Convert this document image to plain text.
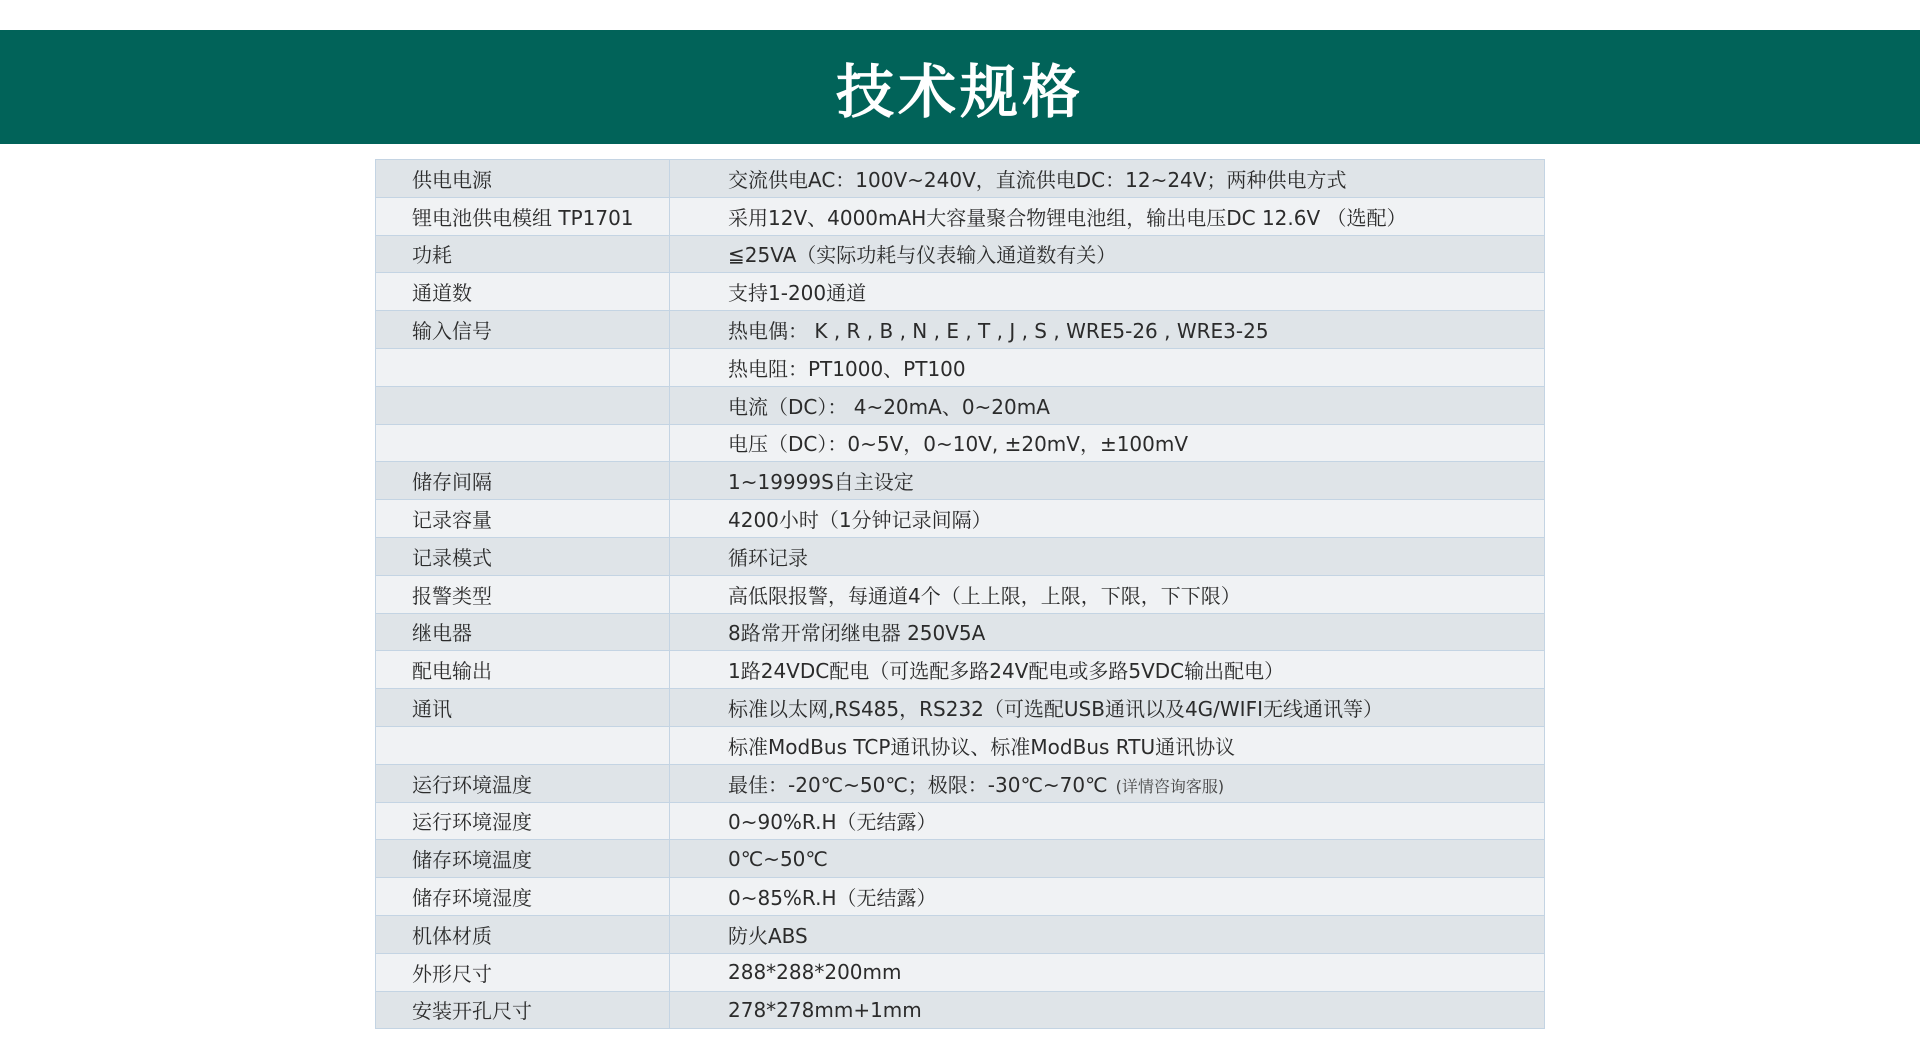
技术规格
供电电源	交流供电AC：100V~240V，直流供电DC：12~24V；两种供电方式
锂电池供电模组 TP1701	采用12V、4000mAH大容量聚合物锂电池组，输出电压DC 12.6V （选配）
功耗	≦25VA（实际功耗与仪表输入通道数有关）
通道数	支持1-200通道
输入信号	热电偶： K , R , B , N , E , T , J , S , WRE5-26 , WRE3-25
	热电阻：PT1000、PT100
	电流（DC）： 4~20mA、0~20mA
	电压（DC）：0~5V，0~10V, ±20mV，±100mV
储存间隔	1~19999S自主设定
记录容量	4200小时（1分钟记录间隔）
记录模式	循环记录
报警类型	高低限报警，每通道4个（上上限，上限，下限，下下限）
继电器	8路常开常闭继电器 250V5A
配电输出	1路24VDC配电（可选配多路24V配电或多路5VDC输出配电）
通讯	标准以太网,RS485，RS232（可选配USB通讯以及4G/WIFI无线通讯等）
	标准ModBus TCP通讯协议、标准ModBus RTU通讯协议
运行环境温度	最佳：-20℃~50℃；极限：-30℃~70℃ (详情咨询客服)
运行环境湿度	0~90%R.H（无结露）
储存环境温度	0℃~50℃
储存环境湿度	0~85%R.H（无结露）
机体材质	防火ABS
外形尺寸	288*288*200mm
安装开孔尺寸	278*278mm+1mm
